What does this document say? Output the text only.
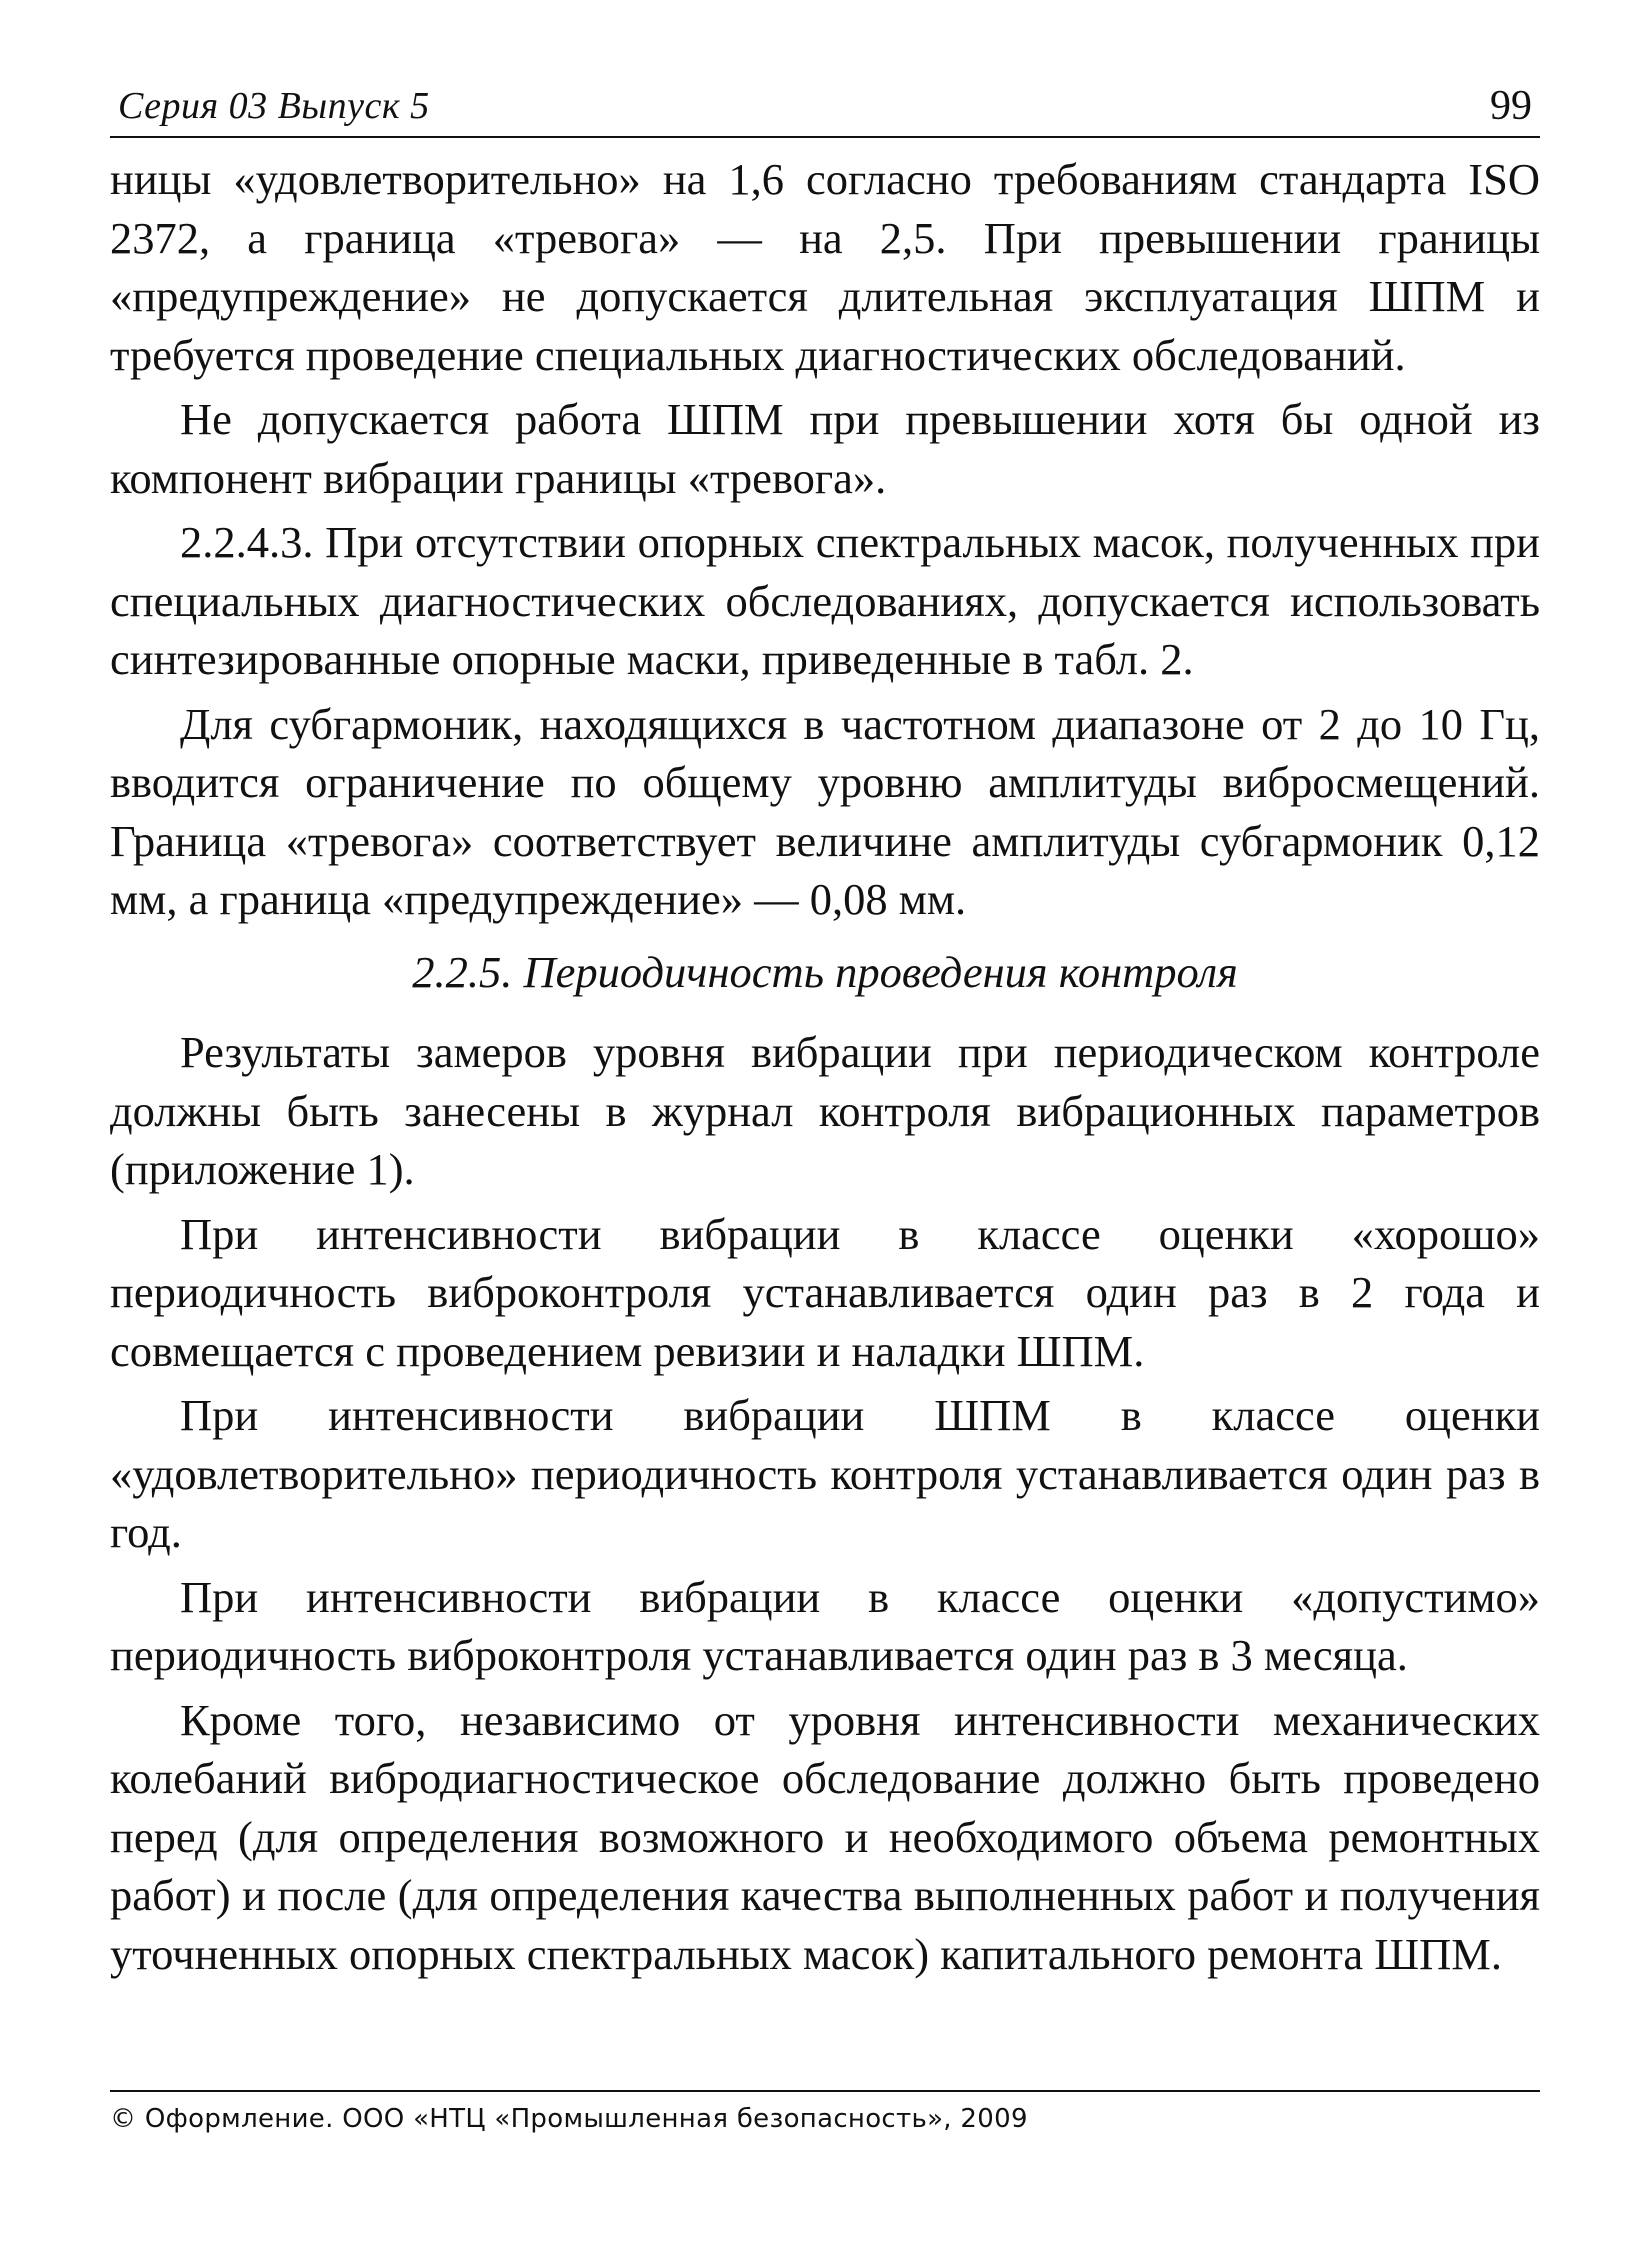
Серия 03 Выпуск 5	99

ницы «удовлетворительно» на 1,6 согласно требованиям стандарта ISO 2372, а граница «тревога» — на 2,5. При превышении границы «предупреждение» не допускается длительная эксплуатация ШПМ и требуется проведение специальных диагностических обследований.

Не допускается работа ШПМ при превышении хотя бы одной из компонент вибрации границы «тревога».

2.2.4.3. При отсутствии опорных спектральных масок, полученных при специальных диагностических обследованиях, допускается использовать синтезированные опорные маски, приведенные в табл. 2.

Для субгармоник, находящихся в частотном диапазоне от 2 до 10 Гц, вводится ограничение по общему уровню амплитуды вибросмещений. Граница «тревога» соответствует величине амплитуды субгармоник 0,12 мм, а граница «предупреждение» — 0,08 мм.

2.2.5. Периодичность проведения контроля

Результаты замеров уровня вибрации при периодическом контроле должны быть занесены в журнал контроля вибрационных параметров (приложение 1).

При интенсивности вибрации в классе оценки «хорошо» периодичность виброконтроля устанавливается один раз в 2 года и совмещается с проведением ревизии и наладки ШПМ.

При интенсивности вибрации ШПМ в классе оценки «удовлетворительно» периодичность контроля устанавливается один раз в год.

При интенсивности вибрации в классе оценки «допустимо» периодичность виброконтроля устанавливается один раз в 3 месяца.

Кроме того, независимо от уровня интенсивности механических колебаний вибродиагностическое обследование должно быть проведено перед (для определения возможного и необходимого объема ремонтных работ) и после (для определения качества выполненных работ и получения уточненных опорных спектральных масок) капитального ремонта ШПМ.

© Оформление. ООО «НТЦ «Промышленная безопасность», 2009
